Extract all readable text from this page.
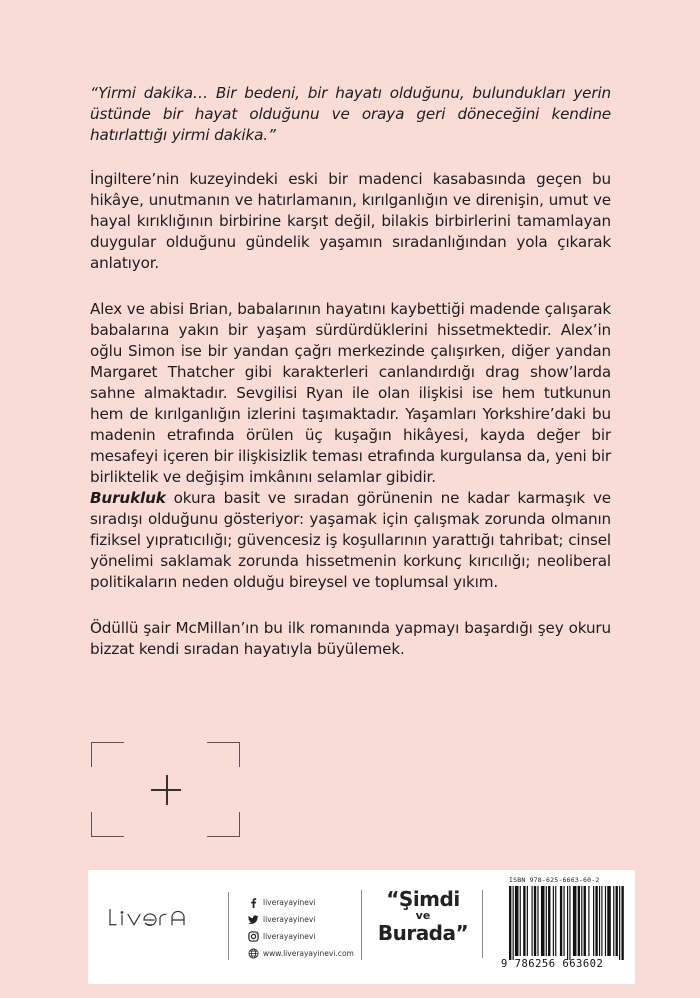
“Yirmi dakika… Bir bedeni, bir hayatı olduğunu, bulundukları yerin üstünde bir hayat olduğunu ve oraya geri döneceğini kendine hatırlattığı yirmi dakika.”

İngiltere’nin kuzeyindeki eski bir madenci kasabasında geçen bu hikâye, unutmanın ve hatırlamanın, kırılganlığın ve direnişin, umut ve hayal kırıklığının birbirine karşıt değil, bilakis birbirlerini tamamlayan duygular olduğunu gündelik yaşamın sıradanlığından yola çıkarak anlatıyor.

Alex ve abisi Brian, babalarının hayatını kaybettiği madende çalışarak babalarına yakın bir yaşam sürdürdüklerini hissetmektedir. Alex’in oğlu Simon ise bir yandan çağrı merkezinde çalışırken, diğer yandan Margaret Thatcher gibi karakterleri canlandırdığı drag show’larda sahne almaktadır. Sevgilisi Ryan ile olan ilişkisi ise hem tutkunun hem de kırılganlığın izlerini taşımaktadır. Yaşamları Yorkshire’daki bu madenin etrafında örülen üç kuşağın hikâyesi, kayda değer bir mesafeyi içeren bir ilişkisizlik teması etrafında kurgulansa da, yeni bir birliktelik ve değişim imkânını selamlar gibidir.

Burukluk okura basit ve sıradan görünenin ne kadar karmaşık ve sıradışı olduğunu gösteriyor: yaşamak için çalışmak zorunda olmanın fiziksel yıpratıcılığı; güvencesiz iş koşullarının yarattığı tahribat; cinsel yönelimi saklamak zorunda hissetmenin korkunç kırıcılığı; neoliberal politikaların neden olduğu bireysel ve toplumsal yıkım.

Ödüllü şair McMillan’ın bu ilk romanında yapmayı başardığı şey okuru bizzat kendi sıradan hayatıyla büyülemek.

liverayayinevi
liverayayinevi
liverayayinevi
www.liverayayinevi.com
“Şimdi
ve
Burada”
ISBN 978-625-6663-60-2
9 786256 663602
